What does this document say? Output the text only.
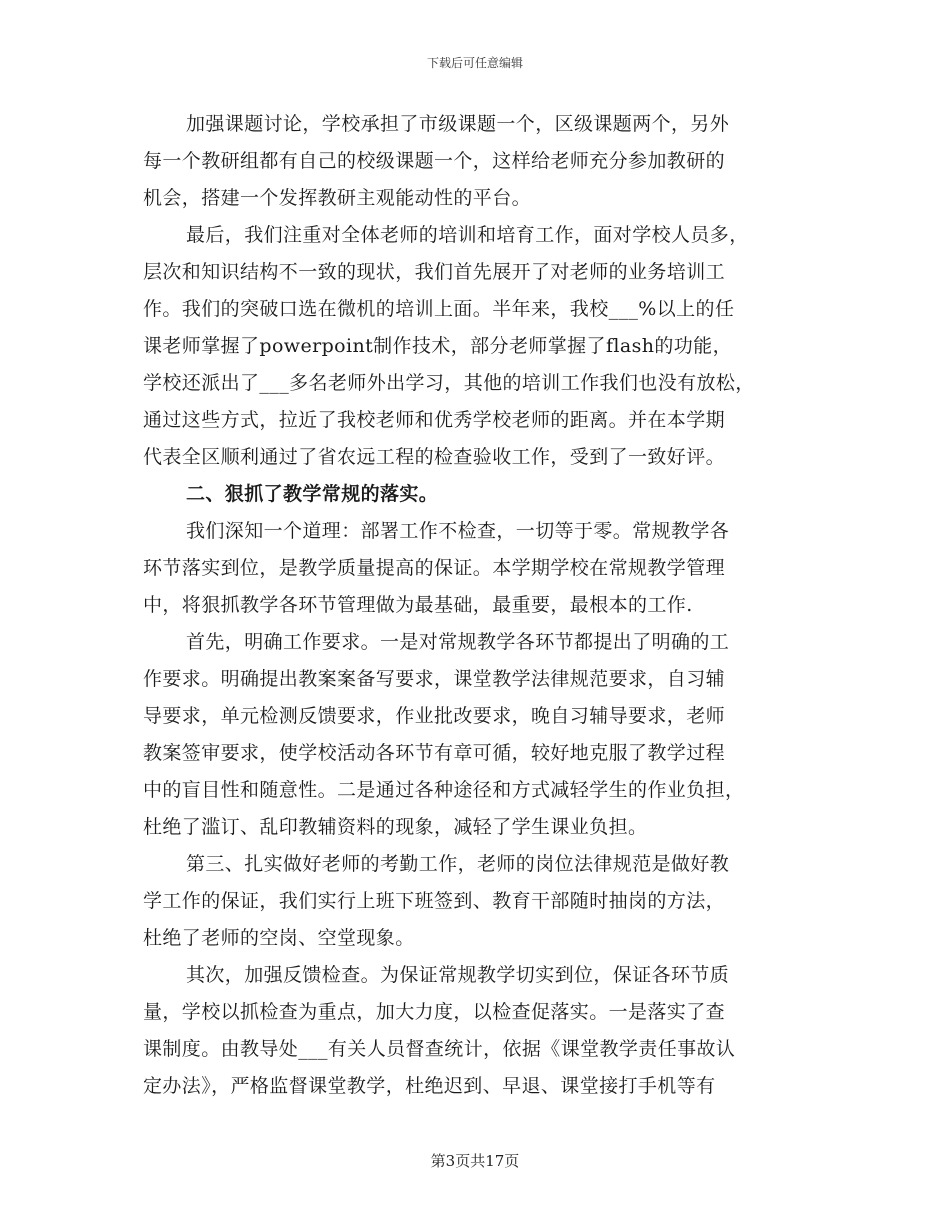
下载后可任意编辑
加强课题讨论，学校承担了市级课题一个，区级课题两个，另外
每一个教研组都有自己的校级课题一个，这样给老师充分参加教研的
机会，搭建一个发挥教研主观能动性的平台。
最后，我们注重对全体老师的培训和培育工作，面对学校人员多，
层次和知识结构不一致的现状，我们首先展开了对老师的业务培训工
作。我们的突破口选在微机的培训上面。半年来，我校___%以上的任
课老师掌握了powerpoint制作技术，部分老师掌握了flash的功能，
学校还派出了___多名老师外出学习，其他的培训工作我们也没有放松，
通过这些方式，拉近了我校老师和优秀学校老师的距离。并在本学期
代表全区顺利通过了省农远工程的检查验收工作，受到了一致好评。
二、狠抓了教学常规的落实。
我们深知一个道理：部署工作不检查，一切等于零。常规教学各
环节落实到位，是教学质量提高的保证。本学期学校在常规教学管理
中，将狠抓教学各环节管理做为最基础，最重要，最根本的工作.
首先，明确工作要求。一是对常规教学各环节都提出了明确的工
作要求。明确提出教案案备写要求，课堂教学法律规范要求，自习辅
导要求，单元检测反馈要求，作业批改要求，晚自习辅导要求，老师
教案签审要求，使学校活动各环节有章可循，较好地克服了教学过程
中的盲目性和随意性。二是通过各种途径和方式减轻学生的作业负担，
杜绝了滥订、乱印教辅资料的现象，减轻了学生课业负担。
第三、扎实做好老师的考勤工作，老师的岗位法律规范是做好教
学工作的保证，我们实行上班下班签到、教育干部随时抽岗的方法，
杜绝了老师的空岗、空堂现象。
其次，加强反馈检查。为保证常规教学切实到位，保证各环节质
量，学校以抓检查为重点，加大力度，以检查促落实。一是落实了查
课制度。由教导处___有关人员督查统计，依据《课堂教学责任事故认
定办法》，严格监督课堂教学，杜绝迟到、早退、课堂接打手机等有
第3页共17页
